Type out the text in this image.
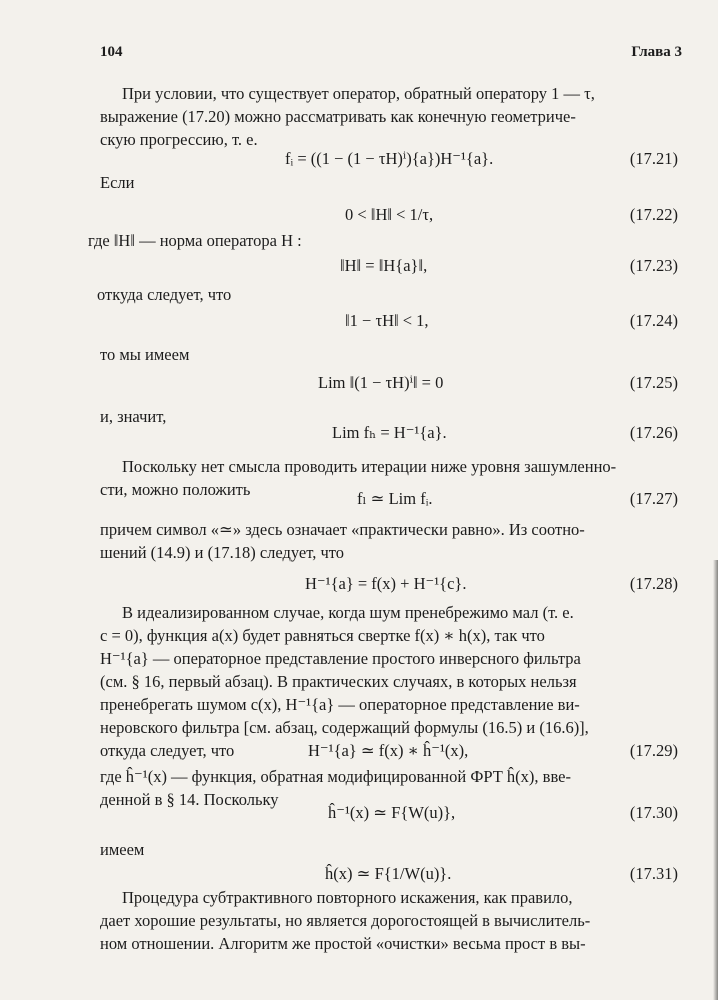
104	Глава 3
При условии, что существует оператор, обратный оператору 1 — τ,
выражение (17.20) можно рассматривать как конечную геометриче-
скую прогрессию, т. е.
fᵢ = ((1 − (1 − τH)ⁱ){a})H⁻¹{a}.	(17.21)
Если
0 < ‖H‖ < 1/τ,	(17.22)
где ‖H‖ — норма оператора H :
‖H‖ = ‖H{a}‖,	(17.23)
откуда следует, что
‖1 − τH‖ < 1,	(17.24)
то мы имеем
Lim ‖(1 − τH)ⁱ‖ = 0	(17.25)
и, значит,
Lim fₕ = H⁻¹{a}.	(17.26)
Поскольку нет смысла проводить итерации ниже уровня зашумленно-
сти, можно положить	fₗ ≃ Lim fᵢ.	(17.27)
причем символ «≃» здесь означает «практически равно». Из соотно-
шений (14.9) и (17.18) следует, что
H⁻¹{a} = f(x) + H⁻¹{c}.	(17.28)
В идеализированном случае, когда шум пренебрежимо мал (т. е.
c = 0), функция a(x) будет равняться свертке f(x) ∗ h(x), так что
H⁻¹{a} — операторное представление простого инверсного фильтра
(см. § 16, первый абзац). В практических случаях, в которых нельзя
пренебрегать шумом c(x), H⁻¹{a} — операторное представление ви-
неровского фильтра [см. абзац, содержащий формулы (16.5) и (16.6)],
откуда следует, что	H⁻¹{a} ≃ f(x) ∗ ĥ⁻¹(x),	(17.29)
где ĥ⁻¹(x) — функция, обратная модифицированной ФРТ ĥ(x), вве-
денной в § 14. Поскольку
ĥ⁻¹(x) ≃ F{W(u)},	(17.30)
имеем
ĥ(x) ≃ F{1/W(u)}.	(17.31)
Процедура субтрактивного повторного искажения, как правило,
дает хорошие результаты, но является дорогостоящей в вычислитель-
ном отношении. Алгоритм же простой «очистки» весьма прост в вы-
